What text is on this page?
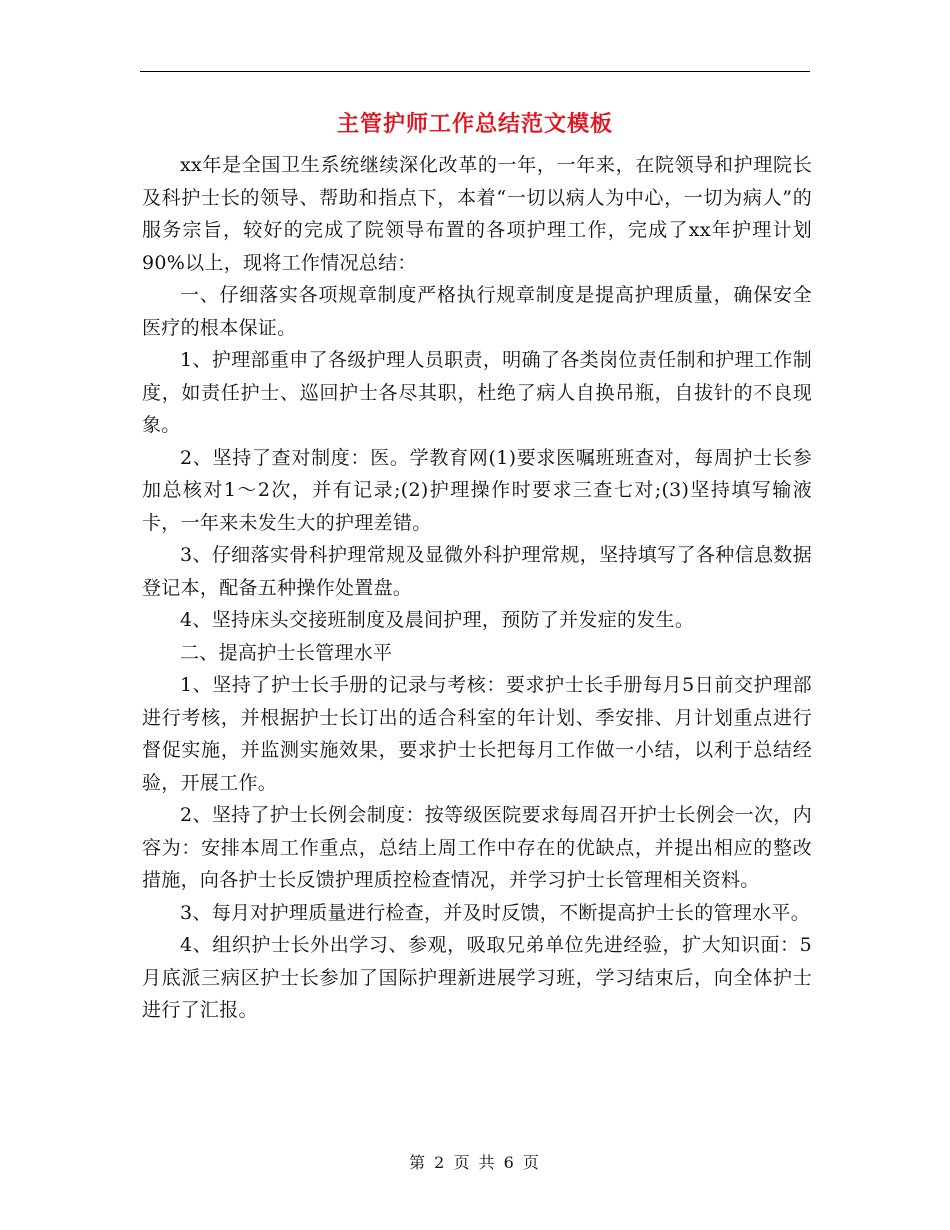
主管护师工作总结范文模板

xx年是全国卫生系统继续深化改革的一年，一年来，在院领导和护理院长及科护士长的领导、帮助和指点下，本着“一切以病人为中心，一切为病人”的服务宗旨，较好的完成了院领导布置的各项护理工作，完成了xx年护理计划90%以上，现将工作情况总结：

一、仔细落实各项规章制度严格执行规章制度是提高护理质量，确保安全医疗的根本保证。

1、护理部重申了各级护理人员职责，明确了各类岗位责任制和护理工作制度，如责任护士、巡回护士各尽其职，杜绝了病人自换吊瓶，自拔针的不良现象。

2、坚持了查对制度：医。学教育网(1)要求医嘱班班查对，每周护士长参加总核对1～2次，并有记录;(2)护理操作时要求三查七对;(3)坚持填写输液卡，一年来未发生大的护理差错。

3、仔细落实骨科护理常规及显微外科护理常规，坚持填写了各种信息数据登记本，配备五种操作处置盘。

4、坚持床头交接班制度及晨间护理，预防了并发症的发生。

二、提高护士长管理水平

1、坚持了护士长手册的记录与考核：要求护士长手册每月5日前交护理部进行考核，并根据护士长订出的适合科室的年计划、季安排、月计划重点进行督促实施，并监测实施效果，要求护士长把每月工作做一小结，以利于总结经验，开展工作。

2、坚持了护士长例会制度：按等级医院要求每周召开护士长例会一次，内容为：安排本周工作重点，总结上周工作中存在的优缺点，并提出相应的整改措施，向各护士长反馈护理质控检查情况，并学习护士长管理相关资料。

3、每月对护理质量进行检查，并及时反馈，不断提高护士长的管理水平。

4、组织护士长外出学习、参观，吸取兄弟单位先进经验，扩大知识面：5月底派三病区护士长参加了国际护理新进展学习班，学习结束后，向全体护士进行了汇报。

第 2 页 共 6 页
